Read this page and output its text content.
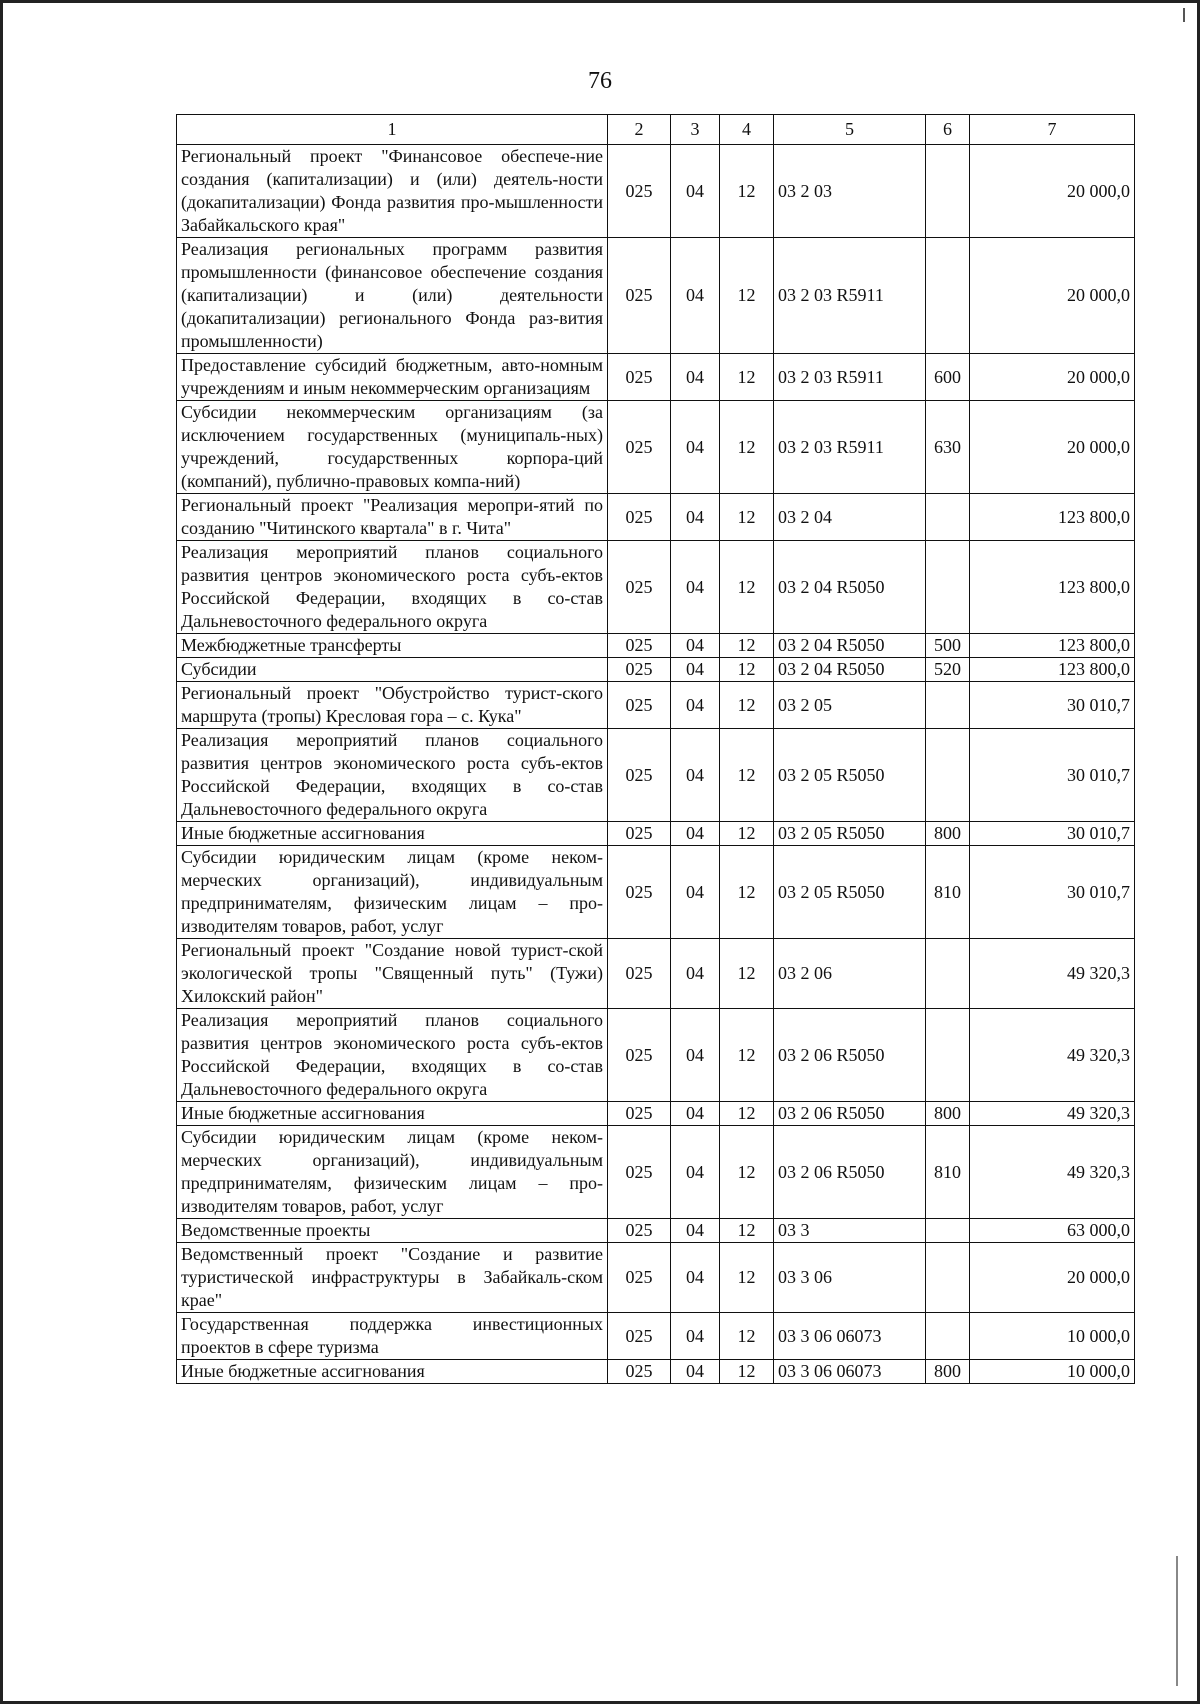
76
1	2	3	4	5	6	7
Региональный проект "Финансовое обеспече-ние создания (капитализации) и (или) деятель-ности (докапитализации) Фонда развития про-мышленности Забайкальского края"	025	04	12	03 2 03		20 000,0
Реализация региональных программ развития промышленности (финансовое обеспечение создания (капитализации) и (или) деятельности (докапитализации) регионального Фонда раз-вития промышленности)	025	04	12	03 2 03 R5911		20 000,0
Предоставление субсидий бюджетным, авто-номным учреждениям и иным некоммерческим организациям	025	04	12	03 2 03 R5911	600	20 000,0
Субсидии некоммерческим организациям (за исключением государственных (муниципаль-ных) учреждений, государственных корпора-ций (компаний), публично-правовых компа-ний)	025	04	12	03 2 03 R5911	630	20 000,0
Региональный проект "Реализация меропри-ятий по созданию "Читинского квартала" в г. Чита"	025	04	12	03 2 04		123 800,0
Реализация мероприятий планов социального развития центров экономического роста субъ-ектов Российской Федерации, входящих в со-став Дальневосточного федерального округа	025	04	12	03 2 04 R5050		123 800,0
Межбюджетные трансферты	025	04	12	03 2 04 R5050	500	123 800,0
Субсидии	025	04	12	03 2 04 R5050	520	123 800,0
Региональный проект "Обустройство турист-ского маршрута (тропы) Кресловая гора – с. Кука"	025	04	12	03 2 05		30 010,7
Реализация мероприятий планов социального развития центров экономического роста субъ-ектов Российской Федерации, входящих в со-став Дальневосточного федерального округа	025	04	12	03 2 05 R5050		30 010,7
Иные бюджетные ассигнования	025	04	12	03 2 05 R5050	800	30 010,7
Субсидии юридическим лицам (кроме неком-мерческих организаций), индивидуальным предпринимателям, физическим лицам – про-изводителям товаров, работ, услуг	025	04	12	03 2 05 R5050	810	30 010,7
Региональный проект "Создание новой турист-ской экологической тропы "Священный путь" (Тужи) Хилокский район"	025	04	12	03 2 06		49 320,3
Реализация мероприятий планов социального развития центров экономического роста субъ-ектов Российской Федерации, входящих в со-став Дальневосточного федерального округа	025	04	12	03 2 06 R5050		49 320,3
Иные бюджетные ассигнования	025	04	12	03 2 06 R5050	800	49 320,3
Субсидии юридическим лицам (кроме неком-мерческих организаций), индивидуальным предпринимателям, физическим лицам – про-изводителям товаров, работ, услуг	025	04	12	03 2 06 R5050	810	49 320,3
Ведомственные проекты	025	04	12	03 3		63 000,0
Ведомственный проект "Создание и развитие туристической инфраструктуры в Забайкаль-ском крае"	025	04	12	03 3 06		20 000,0
Государственная поддержка инвестиционных проектов в сфере туризма	025	04	12	03 3 06 06073		10 000,0
Иные бюджетные ассигнования	025	04	12	03 3 06 06073	800	10 000,0
